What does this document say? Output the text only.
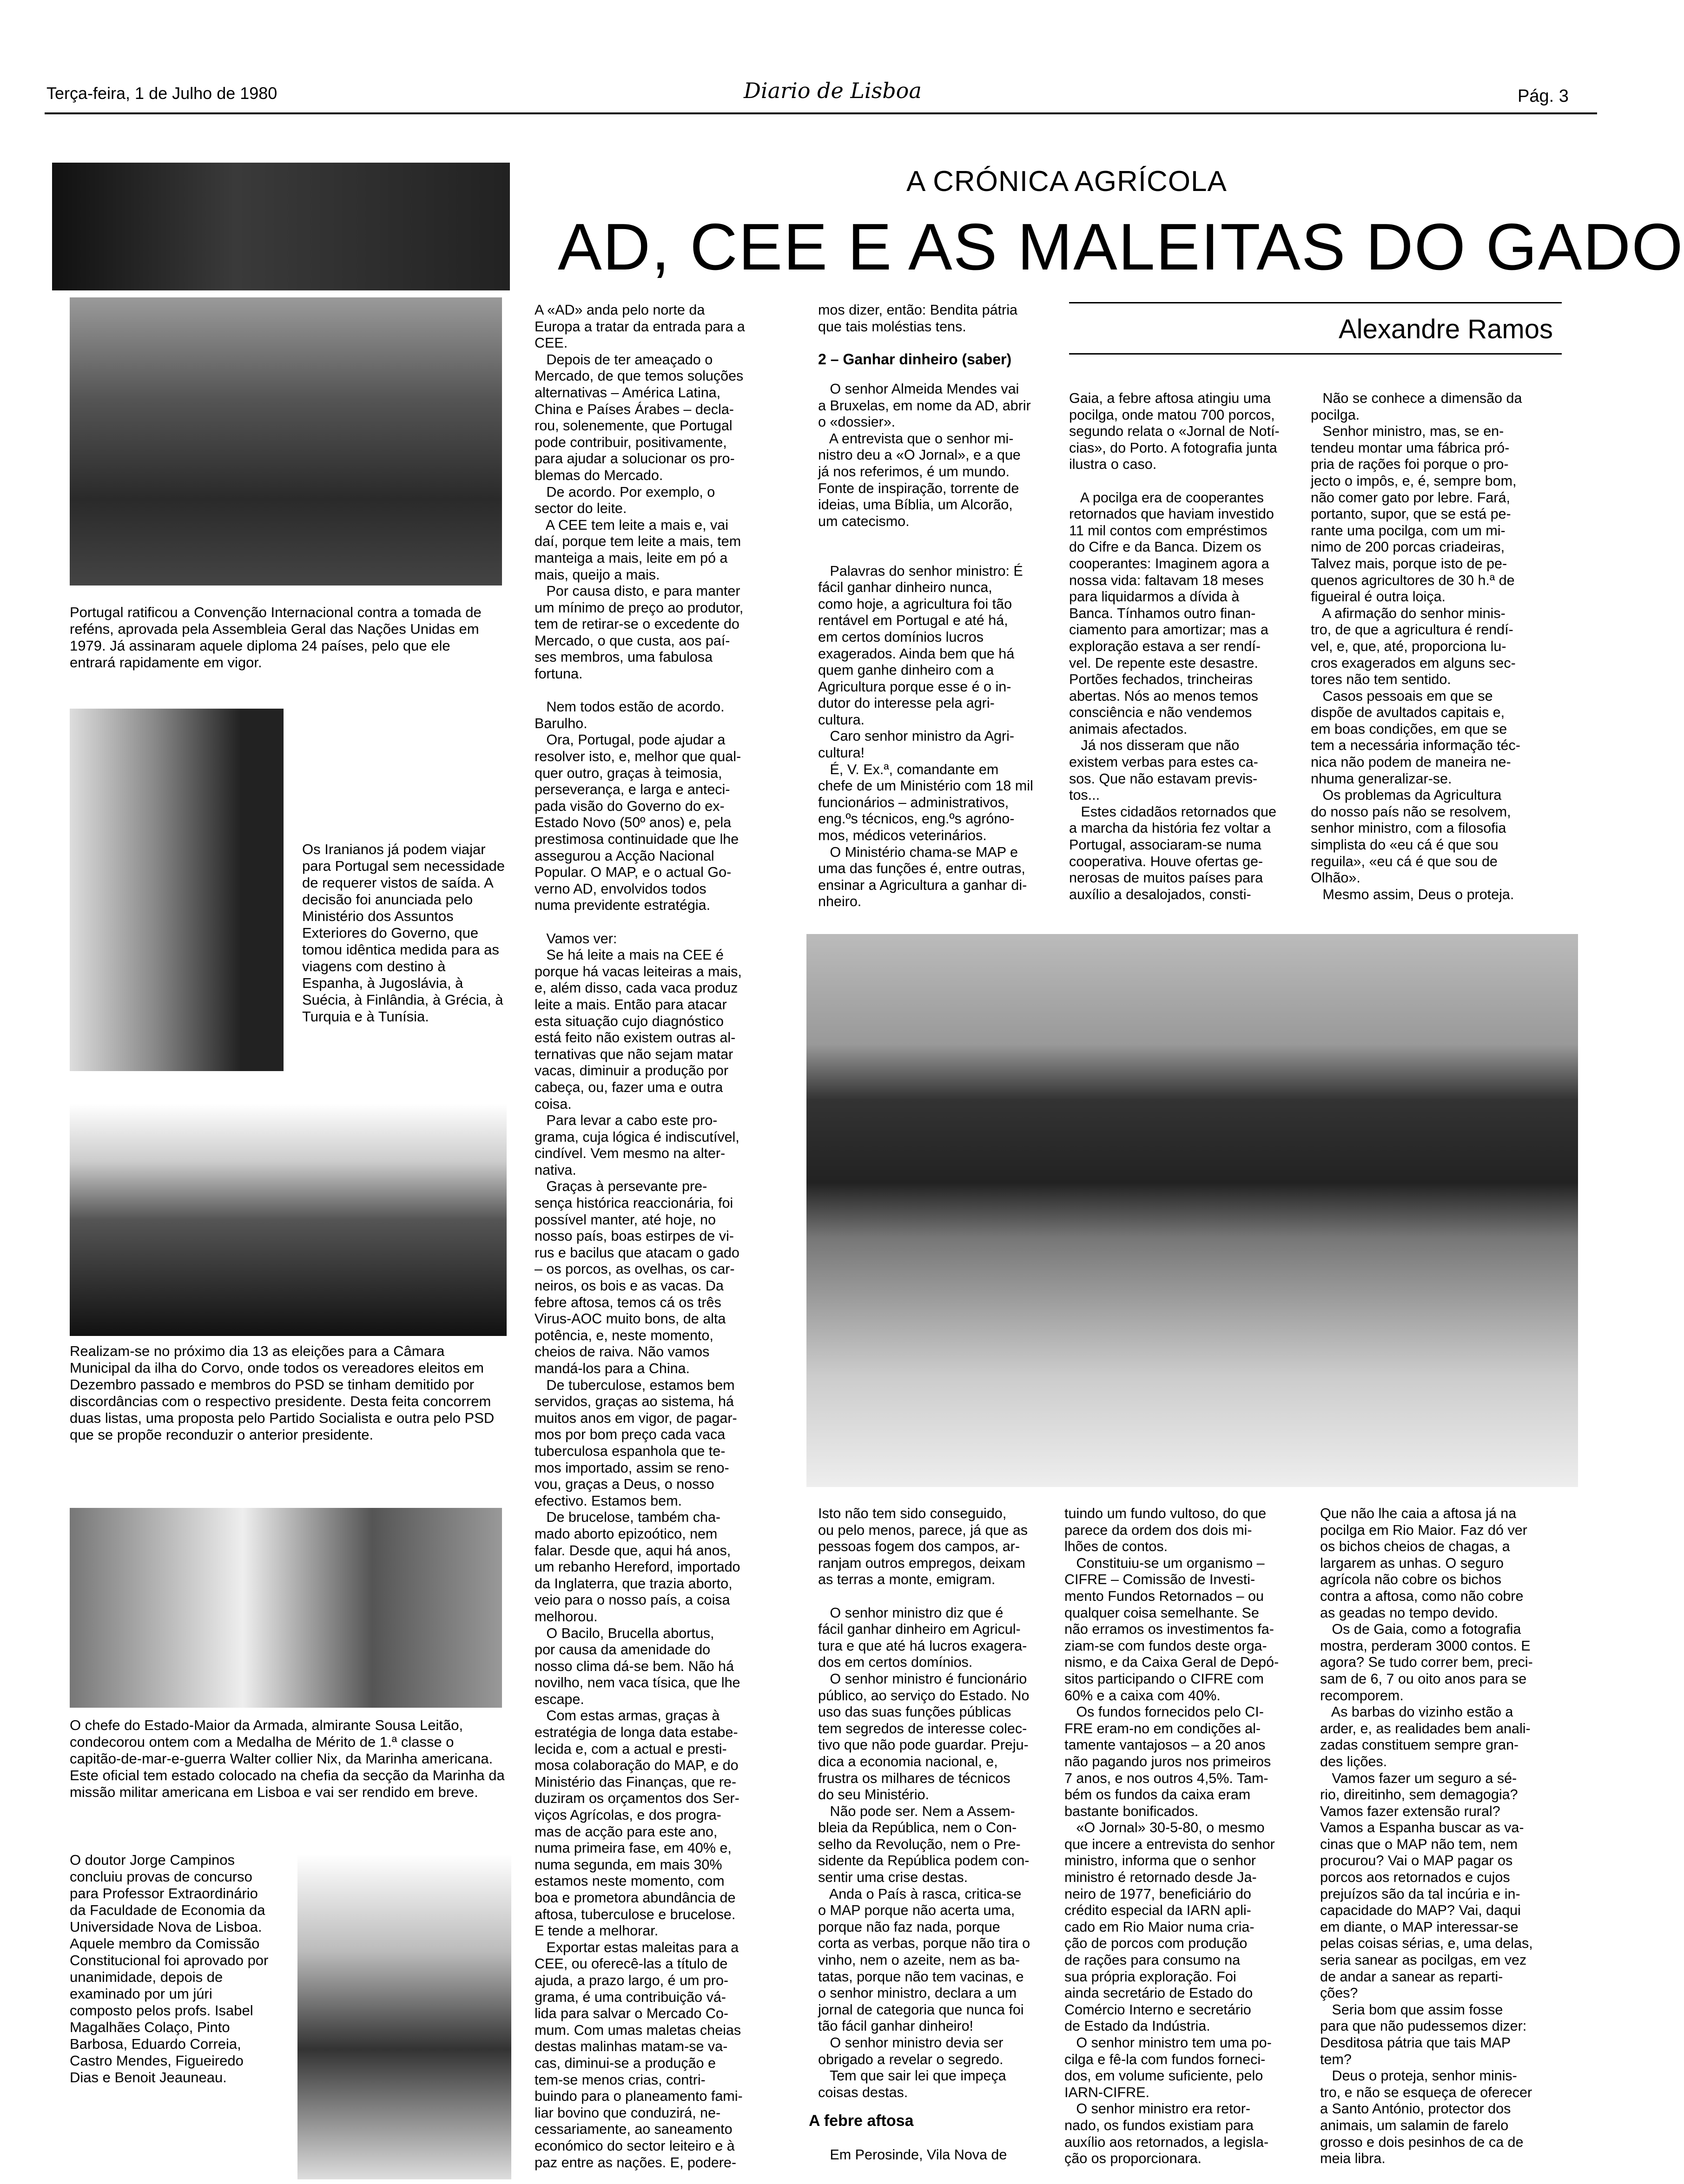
Terça-feira, 1 de Julho de 1980	Diario de Lisboa	Pág. 3
A CRÓNICA AGRÍCOLA
AD, CEE E AS MALEITAS DO GADO
Alexandre Ramos
Portugal ratificou a Convenção Internacional contra a tomada de reféns, aprovada pela Assembleia Geral das Nações Unidas em 1979. Já assinaram aquele diploma 24 países, pelo que ele entrará rapidamente em vigor.
Os Iranianos já podem viajar para Portugal sem necessidade de requerer vistos de saída. A decisão foi anunciada pelo Ministério dos Assuntos Exteriores do Governo, que tomou idêntica medida para as viagens com destino à Espanha, à Jugoslávia, à Suécia, à Finlândia, à Grécia, à Turquia e à Tunísia.
Realizam-se no próximo dia 13 as eleições para a Câmara Municipal da ilha do Corvo, onde todos os vereadores eleitos em Dezembro passado e membros do PSD se tinham demitido por discordâncias com o respectivo presidente. Desta feita concorrem duas listas, uma proposta pelo Partido Socialista e outra pelo PSD que se propõe reconduzir o anterior presidente.
O chefe do Estado-Maior da Armada, almirante Sousa Leitão, condecorou ontem com a Medalha de Mérito de 1.ª classe o capitão-de-mar-e-guerra Walter collier Nix, da Marinha americana. Este oficial tem estado colocado na chefia da secção da Marinha da missão militar americana em Lisboa e vai ser rendido em breve.
O doutor Jorge Campinos concluiu provas de concurso para Professor Extraordinário da Faculdade de Economia da Universidade Nova de Lisboa. Aquele membro da Comissão Constitucional foi aprovado por unanimidade, depois de examinado por um júri composto pelos profs. Isabel Magalhães Colaço, Pinto Barbosa, Eduardo Correia, Castro Mendes, Figueiredo Dias e Benoit Jeauneau.
A «AD» anda pelo norte da
Europa a tratar da entrada para a
CEE.
Depois de ter ameaçado o
Mercado, de que temos soluções
alternativas – América Latina,
China e Países Árabes – decla-
rou, solenemente, que Portugal
pode contribuir, positivamente,
para ajudar a solucionar os pro-
blemas do Mercado.
De acordo. Por exemplo, o
sector do leite.
A CEE tem leite a mais e, vai
daí, porque tem leite a mais, tem
manteiga a mais, leite em pó a
mais, queijo a mais.
Por causa disto, e para manter
um mínimo de preço ao produtor,
tem de retirar-se o excedente do
Mercado, o que custa, aos paí-
ses membros, uma fabulosa
fortuna.

Nem todos estão de acordo.
Barulho.
Ora, Portugal, pode ajudar a
resolver isto, e, melhor que qual-
quer outro, graças à teimosia,
perseverança, e larga e anteci-
pada visão do Governo do ex-
Estado Novo (50º anos) e, pela
prestimosa continuidade que lhe
assegurou a Acção Nacional
Popular. O MAP, e o actual Go-
verno AD, envolvidos todos
numa previdente estratégia.

Vamos ver:
Se há leite a mais na CEE é
porque há vacas leiteiras a mais,
e, além disso, cada vaca produz
leite a mais. Então para atacar
esta situação cujo diagnóstico
está feito não existem outras al-
ternativas que não sejam matar
vacas, diminuir a produção por
cabeça, ou, fazer uma e outra
coisa.
Para levar a cabo este pro-
grama, cuja lógica é indiscutível,
cindível. Vem mesmo na alter-
nativa.
Graças à persevante pre-
sença histórica reaccionária, foi
possível manter, até hoje, no
nosso país, boas estirpes de vi-
rus e bacilus que atacam o gado
– os porcos, as ovelhas, os car-
neiros, os bois e as vacas. Da
febre aftosa, temos cá os três
Virus-AOC muito bons, de alta
potência, e, neste momento,
cheios de raiva. Não vamos
mandá-los para a China.
De tuberculose, estamos bem
servidos, graças ao sistema, há
muitos anos em vigor, de pagar-
mos por bom preço cada vaca
tuberculosa espanhola que te-
mos importado, assim se reno-
vou, graças a Deus, o nosso
efectivo. Estamos bem.
De brucelose, também cha-
mado aborto epizoótico, nem
falar. Desde que, aqui há anos,
um rebanho Hereford, importado
da Inglaterra, que trazia aborto,
veio para o nosso país, a coisa
melhorou.
O Bacilo, Brucella abortus,
por causa da amenidade do
nosso clima dá-se bem. Não há
novilho, nem vaca tísica, que lhe
escape.
Com estas armas, graças à
estratégia de longa data estabe-
lecida e, com a actual e presti-
mosa colaboração do MAP, e do
Ministério das Finanças, que re-
duziram os orçamentos dos Ser-
viços Agrícolas, e dos progra-
mas de acção para este ano,
numa primeira fase, em 40% e,
numa segunda, em mais 30%
estamos neste momento, com
boa e prometora abundância de
aftosa, tuberculose e brucelose.
E tende a melhorar.
Exportar estas maleitas para a
CEE, ou oferecê-las a título de
ajuda, a prazo largo, é um pro-
grama, é uma contribuição vá-
lida para salvar o Mercado Co-
mum. Com umas maletas cheias
destas malinhas matam-se va-
cas, diminui-se a produção e
tem-se menos crias, contri-
buindo para o planeamento fami-
liar bovino que conduzirá, ne-
cessariamente, ao saneamento
económico do sector leiteiro e à
paz entre as nações. E, podere-
mos dizer, então: Bendita pátria
que tais moléstias tens.
2 – Ganhar dinheiro (saber)
O senhor Almeida Mendes vai
a Bruxelas, em nome da AD, abrir
o «dossier».
A entrevista que o senhor mi-
nistro deu a «O Jornal», e a que
já nos referimos, é um mundo.
Fonte de inspiração, torrente de
ideias, uma Bíblia, um Alcorão,
um catecismo.

Palavras do senhor ministro: É
fácil ganhar dinheiro nunca,
como hoje, a agricultura foi tão
rentável em Portugal e até há,
em certos domínios lucros
exagerados. Ainda bem que há
quem ganhe dinheiro com a
Agricultura porque esse é o in-
dutor do interesse pela agri-
cultura.
Caro senhor ministro da Agri-
cultura!
É, V. Ex.ª, comandante em
chefe de um Ministério com 18 mil
funcionários – administrativos,
eng.ºs técnicos, eng.ºs agróno-
mos, médicos veterinários.
O Ministério chama-se MAP e
uma das funções é, entre outras,
ensinar a Agricultura a ganhar di-
nheiro.
Gaia, a febre aftosa atingiu uma
pocilga, onde matou 700 porcos,
segundo relata o «Jornal de Notí-
cias», do Porto. A fotografia junta
ilustra o caso.

A pocilga era de cooperantes
retornados que haviam investido
11 mil contos com empréstimos
do Cifre e da Banca. Dizem os
cooperantes: Imaginem agora a
nossa vida: faltavam 18 meses
para liquidarmos a dívida à
Banca. Tínhamos outro finan-
ciamento para amortizar; mas a
exploração estava a ser rendí-
vel. De repente este desastre.
Portões fechados, trincheiras
abertas. Nós ao menos temos
consciência e não vendemos
animais afectados.
Já nos disseram que não
existem verbas para estes ca-
sos. Que não estavam previs-
tos...
Estes cidadãos retornados que
a marcha da história fez voltar a
Portugal, associaram-se numa
cooperativa. Houve ofertas ge-
nerosas de muitos países para
auxílio a desalojados, consti-
Não se conhece a dimensão da
pocilga.
Senhor ministro, mas, se en-
tendeu montar uma fábrica pró-
pria de rações foi porque o pro-
jecto o impôs, e, é, sempre bom,
não comer gato por lebre. Fará,
portanto, supor, que se está pe-
rante uma pocilga, com um mi-
nimo de 200 porcas criadeiras,
Talvez mais, porque isto de pe-
quenos agricultores de 30 h.ª de
figueiral é outra loiça.
A afirmação do senhor minis-
tro, de que a agricultura é rendí-
vel, e, que, até, proporciona lu-
cros exagerados em alguns sec-
tores não tem sentido.
Casos pessoais em que se
dispõe de avultados capitais e,
em boas condições, em que se
tem a necessária informação téc-
nica não podem de maneira ne-
nhuma generalizar-se.
Os problemas da Agricultura
do nosso país não se resolvem,
senhor ministro, com a filosofia
simplista do «eu cá é que sou
reguila», «eu cá é que sou de
Olhão».
Mesmo assim, Deus o proteja.
Isto não tem sido conseguido,
ou pelo menos, parece, já que as
pessoas fogem dos campos, ar-
ranjam outros empregos, deixam
as terras a monte, emigram.

O senhor ministro diz que é
fácil ganhar dinheiro em Agricul-
tura e que até há lucros exagera-
dos em certos domínios.
O senhor ministro é funcionário
público, ao serviço do Estado. No
uso das suas funções públicas
tem segredos de interesse colec-
tivo que não pode guardar. Preju-
dica a economia nacional, e,
frustra os milhares de técnicos
do seu Ministério.
Não pode ser. Nem a Assem-
bleia da República, nem o Con-
selho da Revolução, nem o Pre-
sidente da República podem con-
sentir uma crise destas.
Anda o País à rasca, critica-se
o MAP porque não acerta uma,
porque não faz nada, porque
corta as verbas, porque não tira o
vinho, nem o azeite, nem as ba-
tatas, porque não tem vacinas, e
o senhor ministro, declara a um
jornal de categoria que nunca foi
tão fácil ganhar dinheiro!
O senhor ministro devia ser
obrigado a revelar o segredo.
Tem que sair lei que impeça
coisas destas.
A febre aftosa
Em Perosinde, Vila Nova de
tuindo um fundo vultoso, do que
parece da ordem dos dois mi-
lhões de contos.
Constituiu-se um organismo –
CIFRE – Comissão de Investi-
mento Fundos Retornados – ou
qualquer coisa semelhante. Se
não erramos os investimentos fa-
ziam-se com fundos deste orga-
nismo, e da Caixa Geral de Depó-
sitos participando o CIFRE com
60% e a caixa com 40%.
Os fundos fornecidos pelo CI-
FRE eram-no em condições al-
tamente vantajosos – a 20 anos
não pagando juros nos primeiros
7 anos, e nos outros 4,5%. Tam-
bém os fundos da caixa eram
bastante bonificados.
«O Jornal» 30-5-80, o mesmo
que incere a entrevista do senhor
ministro, informa que o senhor
ministro é retornado desde Ja-
neiro de 1977, beneficiário do
crédito especial da IARN apli-
cado em Rio Maior numa cria-
ção de porcos com produção
de rações para consumo na
sua própria exploração. Foi
ainda secretário de Estado do
Comércio Interno e secretário
de Estado da Indústria.
O senhor ministro tem uma po-
cilga e fê-la com fundos forneci-
dos, em volume suficiente, pelo
IARN-CIFRE.
O senhor ministro era retor-
nado, os fundos existiam para
auxílio aos retornados, a legisla-
ção os proporcionara.
Que não lhe caia a aftosa já na
pocilga em Rio Maior. Faz dó ver
os bichos cheios de chagas, a
largarem as unhas. O seguro
agrícola não cobre os bichos
contra a aftosa, como não cobre
as geadas no tempo devido.
Os de Gaia, como a fotografia
mostra, perderam 3000 contos. E
agora? Se tudo correr bem, preci-
sam de 6, 7 ou oito anos para se
recomporem.
As barbas do vizinho estão a
arder, e, as realidades bem anali-
zadas constituem sempre gran-
des lições.
Vamos fazer um seguro a sé-
rio, direitinho, sem demagogia?
Vamos fazer extensão rural?
Vamos a Espanha buscar as va-
cinas que o MAP não tem, nem
procurou? Vai o MAP pagar os
porcos aos retornados e cujos
prejuízos são da tal incúria e in-
capacidade do MAP? Vai, daqui
em diante, o MAP interessar-se
pelas coisas sérias, e, uma delas,
seria sanear as pocilgas, em vez
de andar a sanear as reparti-
ções?
Seria bom que assim fosse
para que não pudessemos dizer:
Desditosa pátria que tais MAP
tem?
Deus o proteja, senhor minis-
tro, e não se esqueça de oferecer
a Santo António, protector dos
animais, um salamin de farelo
grosso e dois pesinhos de ca de
meia libra.
